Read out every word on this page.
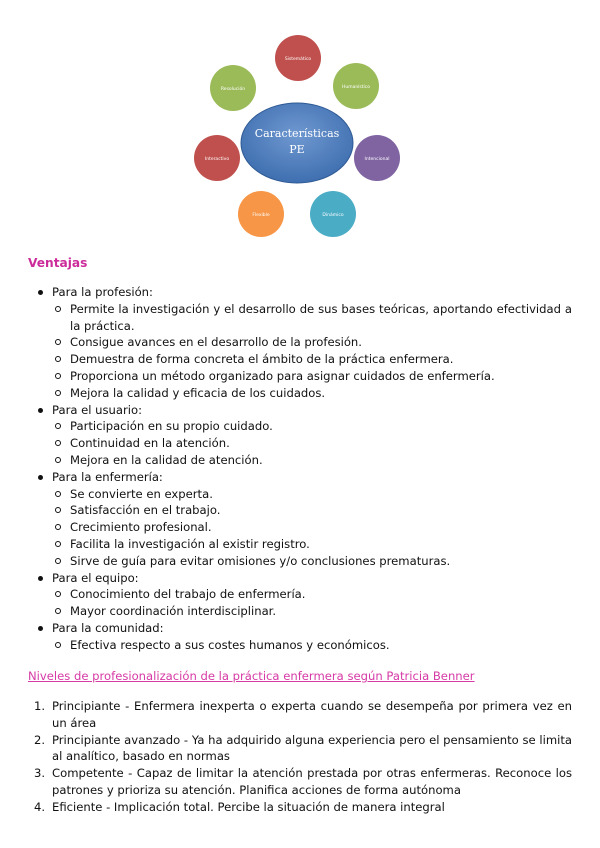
Sistemático
Humanístico
Intencional
Dinámico
Flexible
Interactivo
Resolución
Características
PE
Ventajas
Para la profesión:
Permite la investigación y el desarrollo de sus bases teóricas, aportando efectividad a la práctica.
Consigue avances en el desarrollo de la profesión.
Demuestra de forma concreta el ámbito de la práctica enfermera.
Proporciona un método organizado para asignar cuidados de enfermería.
Mejora la calidad y eficacia de los cuidados.
Para el usuario:
Participación en su propio cuidado.
Continuidad en la atención.
Mejora en la calidad de atención.
Para la enfermería:
Se convierte en experta.
Satisfacción en el trabajo.
Crecimiento profesional.
Facilita la investigación al existir registro.
Sirve de guía para evitar omisiones y/o conclusiones prematuras.
Para el equipo:
Conocimiento del trabajo de enfermería.
Mayor coordinación interdisciplinar.
Para la comunidad:
Efectiva respecto a sus costes humanos y económicos.
Niveles de profesionalización de la práctica enfermera según Patricia Benner
1. Principiante - Enfermera inexperta o experta cuando se desempeña por primera vez en un área
2. Principiante avanzado - Ya ha adquirido alguna experiencia pero el pensamiento se limita al analítico, basado en normas
3. Competente - Capaz de limitar la atención prestada por otras enfermeras. Reconoce los patrones y prioriza su atención. Planifica acciones de forma autónoma
4. Eficiente - Implicación total. Percibe la situación de manera integral
